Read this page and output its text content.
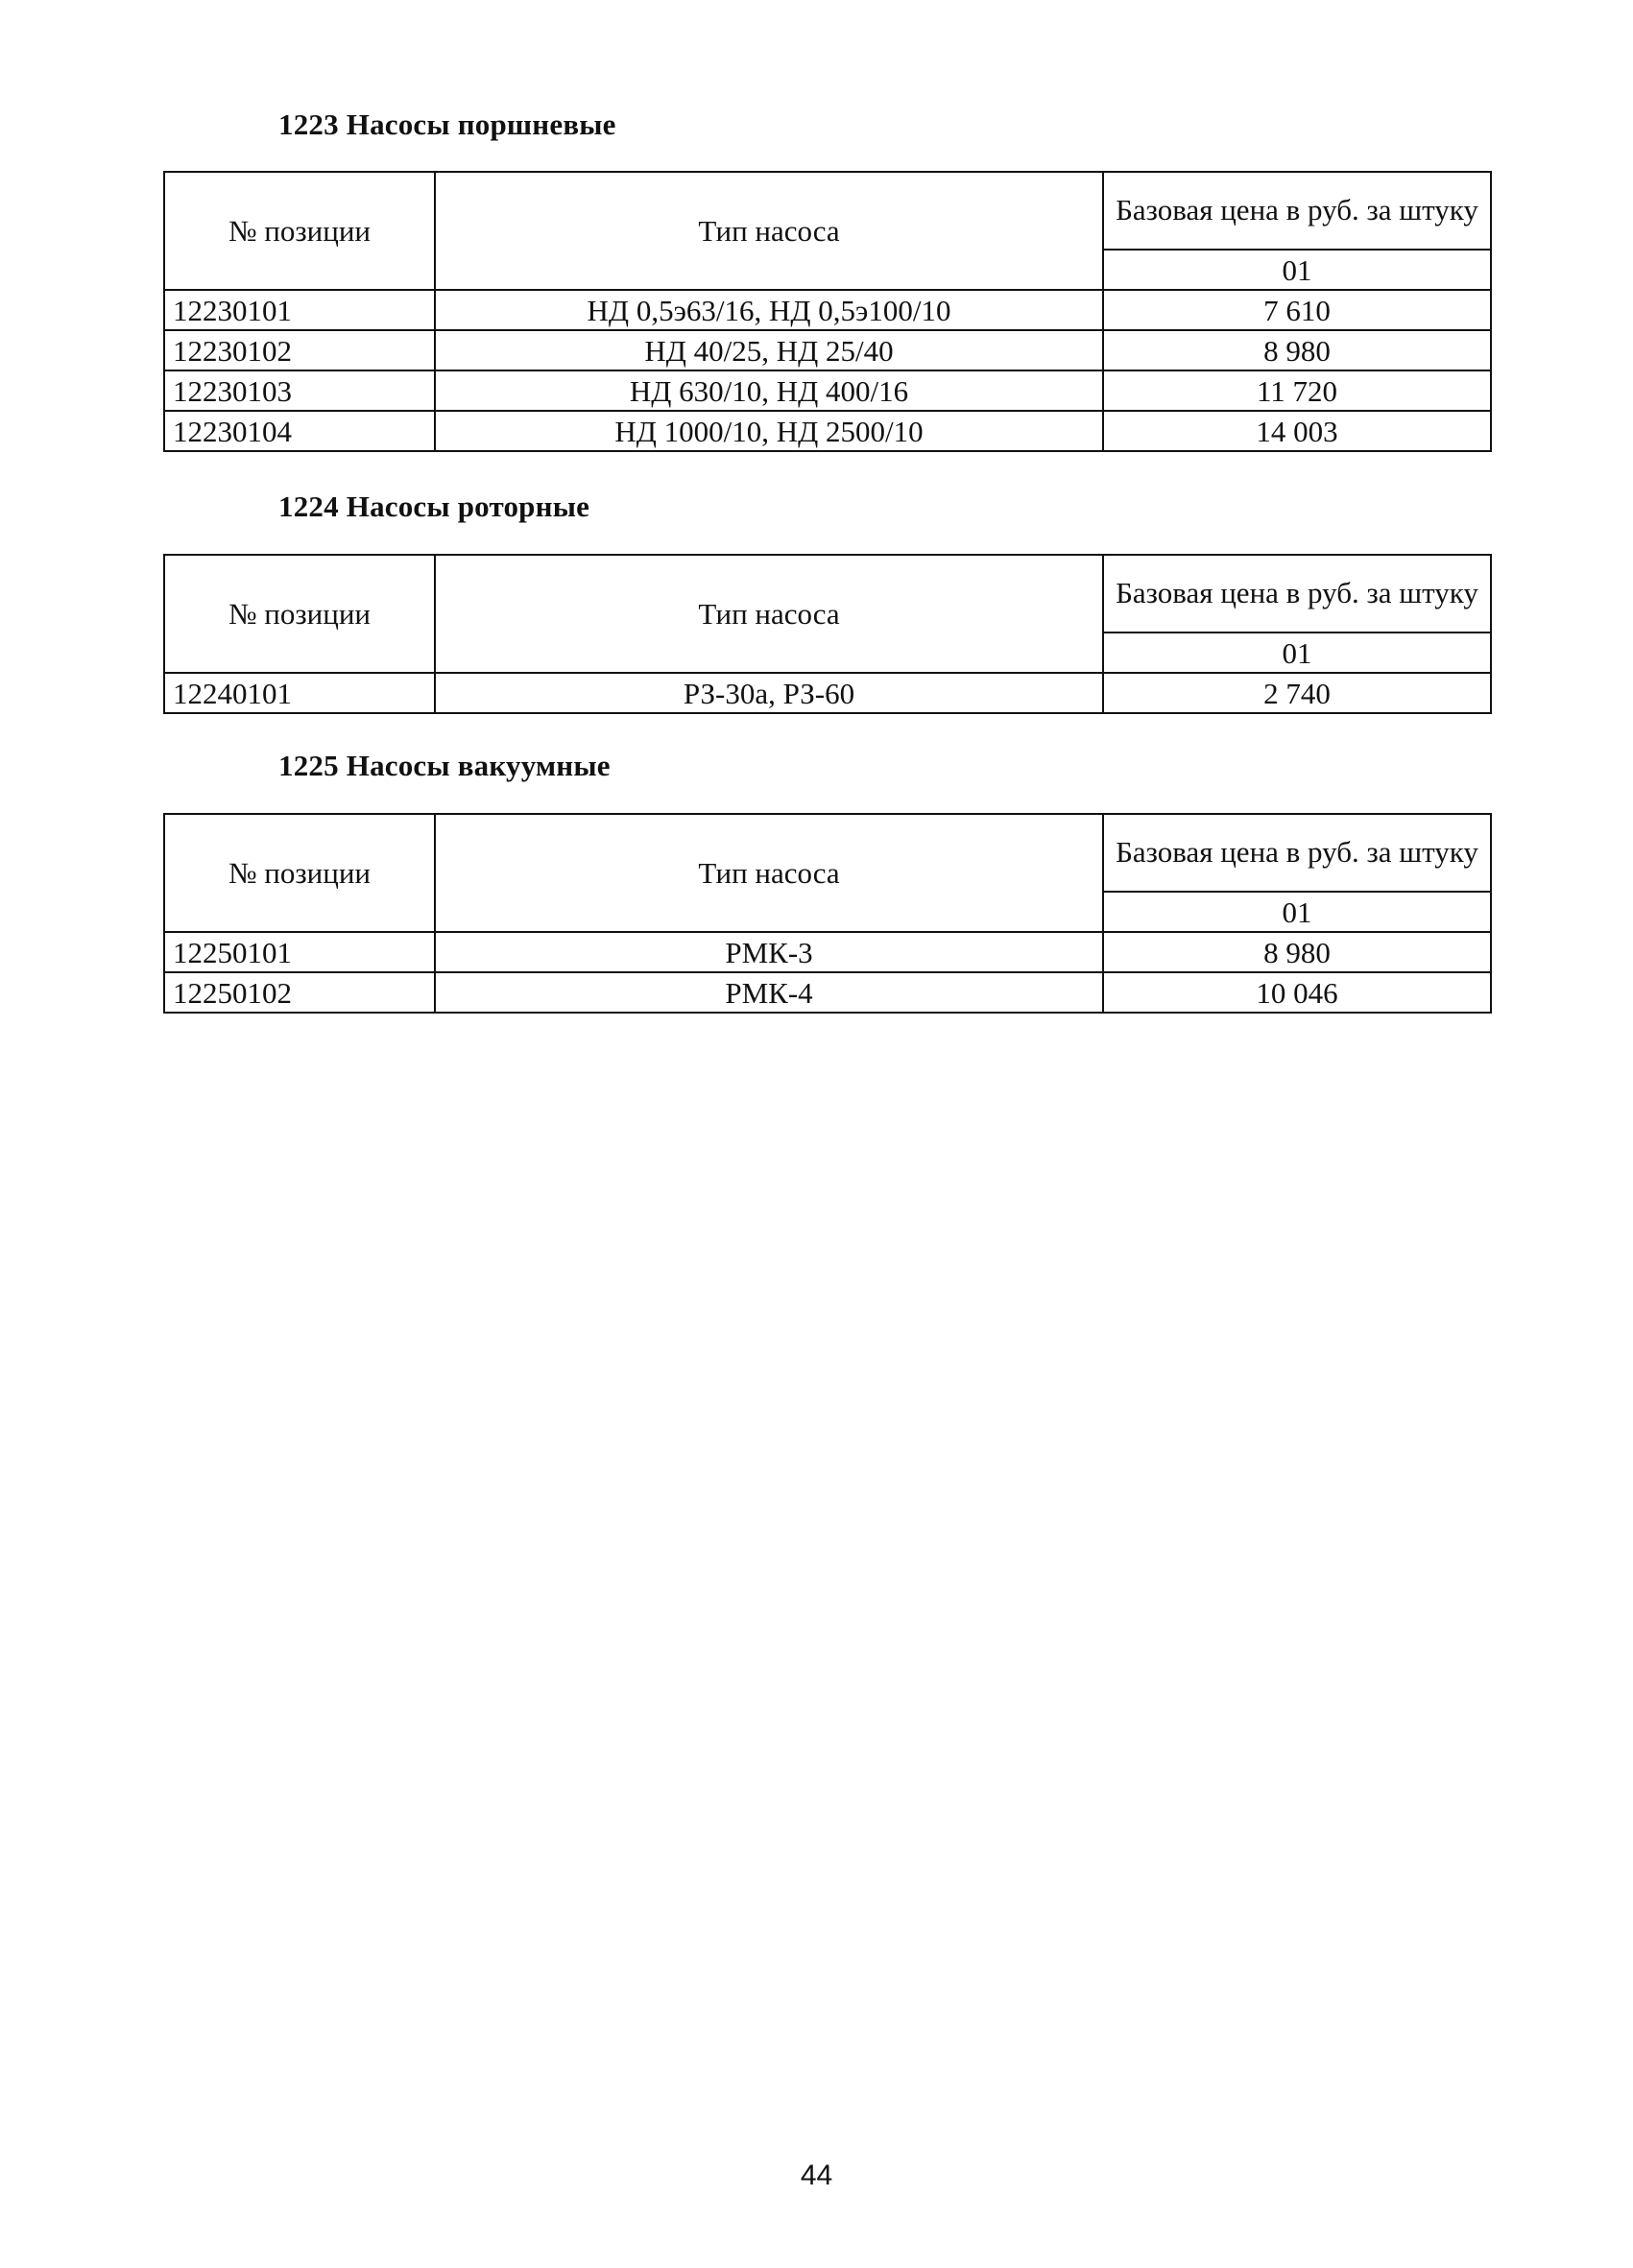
1223 Насосы поршневые
№ позиции	Тип насоса	Базовая цена в руб. за штуку
		01
12230101	НД 0,5э63/16, НД 0,5э100/10	7 610
12230102	НД 40/25, НД 25/40	8 980
12230103	НД 630/10, НД 400/16	11 720
12230104	НД 1000/10, НД 2500/10	14 003
1224 Насосы роторные
№ позиции	Тип насоса	Базовая цена в руб. за штуку
		01
12240101	РЗ-30а, РЗ-60	2 740
1225 Насосы вакуумные
№ позиции	Тип насоса	Базовая цена в руб. за штуку
		01
12250101	РМК-3	8 980
12250102	РМК-4	10 046
44
